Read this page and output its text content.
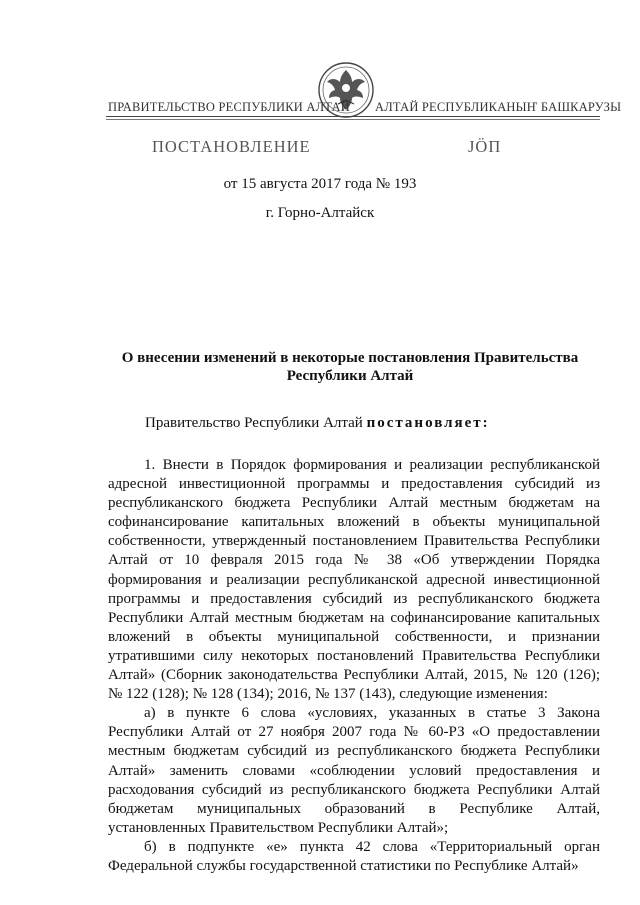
ПРАВИТЕЛЬСТВО РЕСПУБЛИКИ АЛТАЙ АЛТАЙ РЕСПУБЛИКАНЫҤ БАШКАРУЗЫ
ПОСТАНОВЛЕНИЕ	ЈÖП
от 15 августа 2017 года № 193
г. Горно-Алтайск
О внесении изменений в некоторые постановления Правительства Республики Алтай
Правительство Республики Алтай постановляет:

1. Внести в Порядок формирования и реализации республиканской адресной инвестиционной программы и предоставления субсидий из республиканского бюджета Республики Алтай местным бюджетам на софинансирование капитальных вложений в объекты муниципальной собственности, утвержденный постановлением Правительства Республики Алтай от 10 февраля 2015 года № 38 «Об утверждении Порядка формирования и реализации республиканской адресной инвестиционной программы и предоставления субсидий из республиканского бюджета Республики Алтай местным бюджетам на софинансирование капитальных вложений в объекты муниципальной собственности, и признании утратившими силу некоторых постановлений Правительства Республики Алтай» (Сборник законодательства Республики Алтай, 2015, № 120 (126); № 122 (128); № 128 (134); 2016, № 137 (143), следующие изменения:

а) в пункте 6 слова «условиях, указанных в статье 3 Закона Республики Алтай от 27 ноября 2007 года № 60-РЗ «О предоставлении местным бюджетам субсидий из республиканского бюджета Республики Алтай» заменить словами «соблюдении условий предоставления и расходования субсидий из республиканского бюджета Республики Алтай бюджетам муниципальных образований в Республике Алтай, установленных Правительством Республики Алтай»;

б) в подпункте «е» пункта 42 слова «Территориальный орган Федеральной службы государственной статистики по Республике Алтай»
